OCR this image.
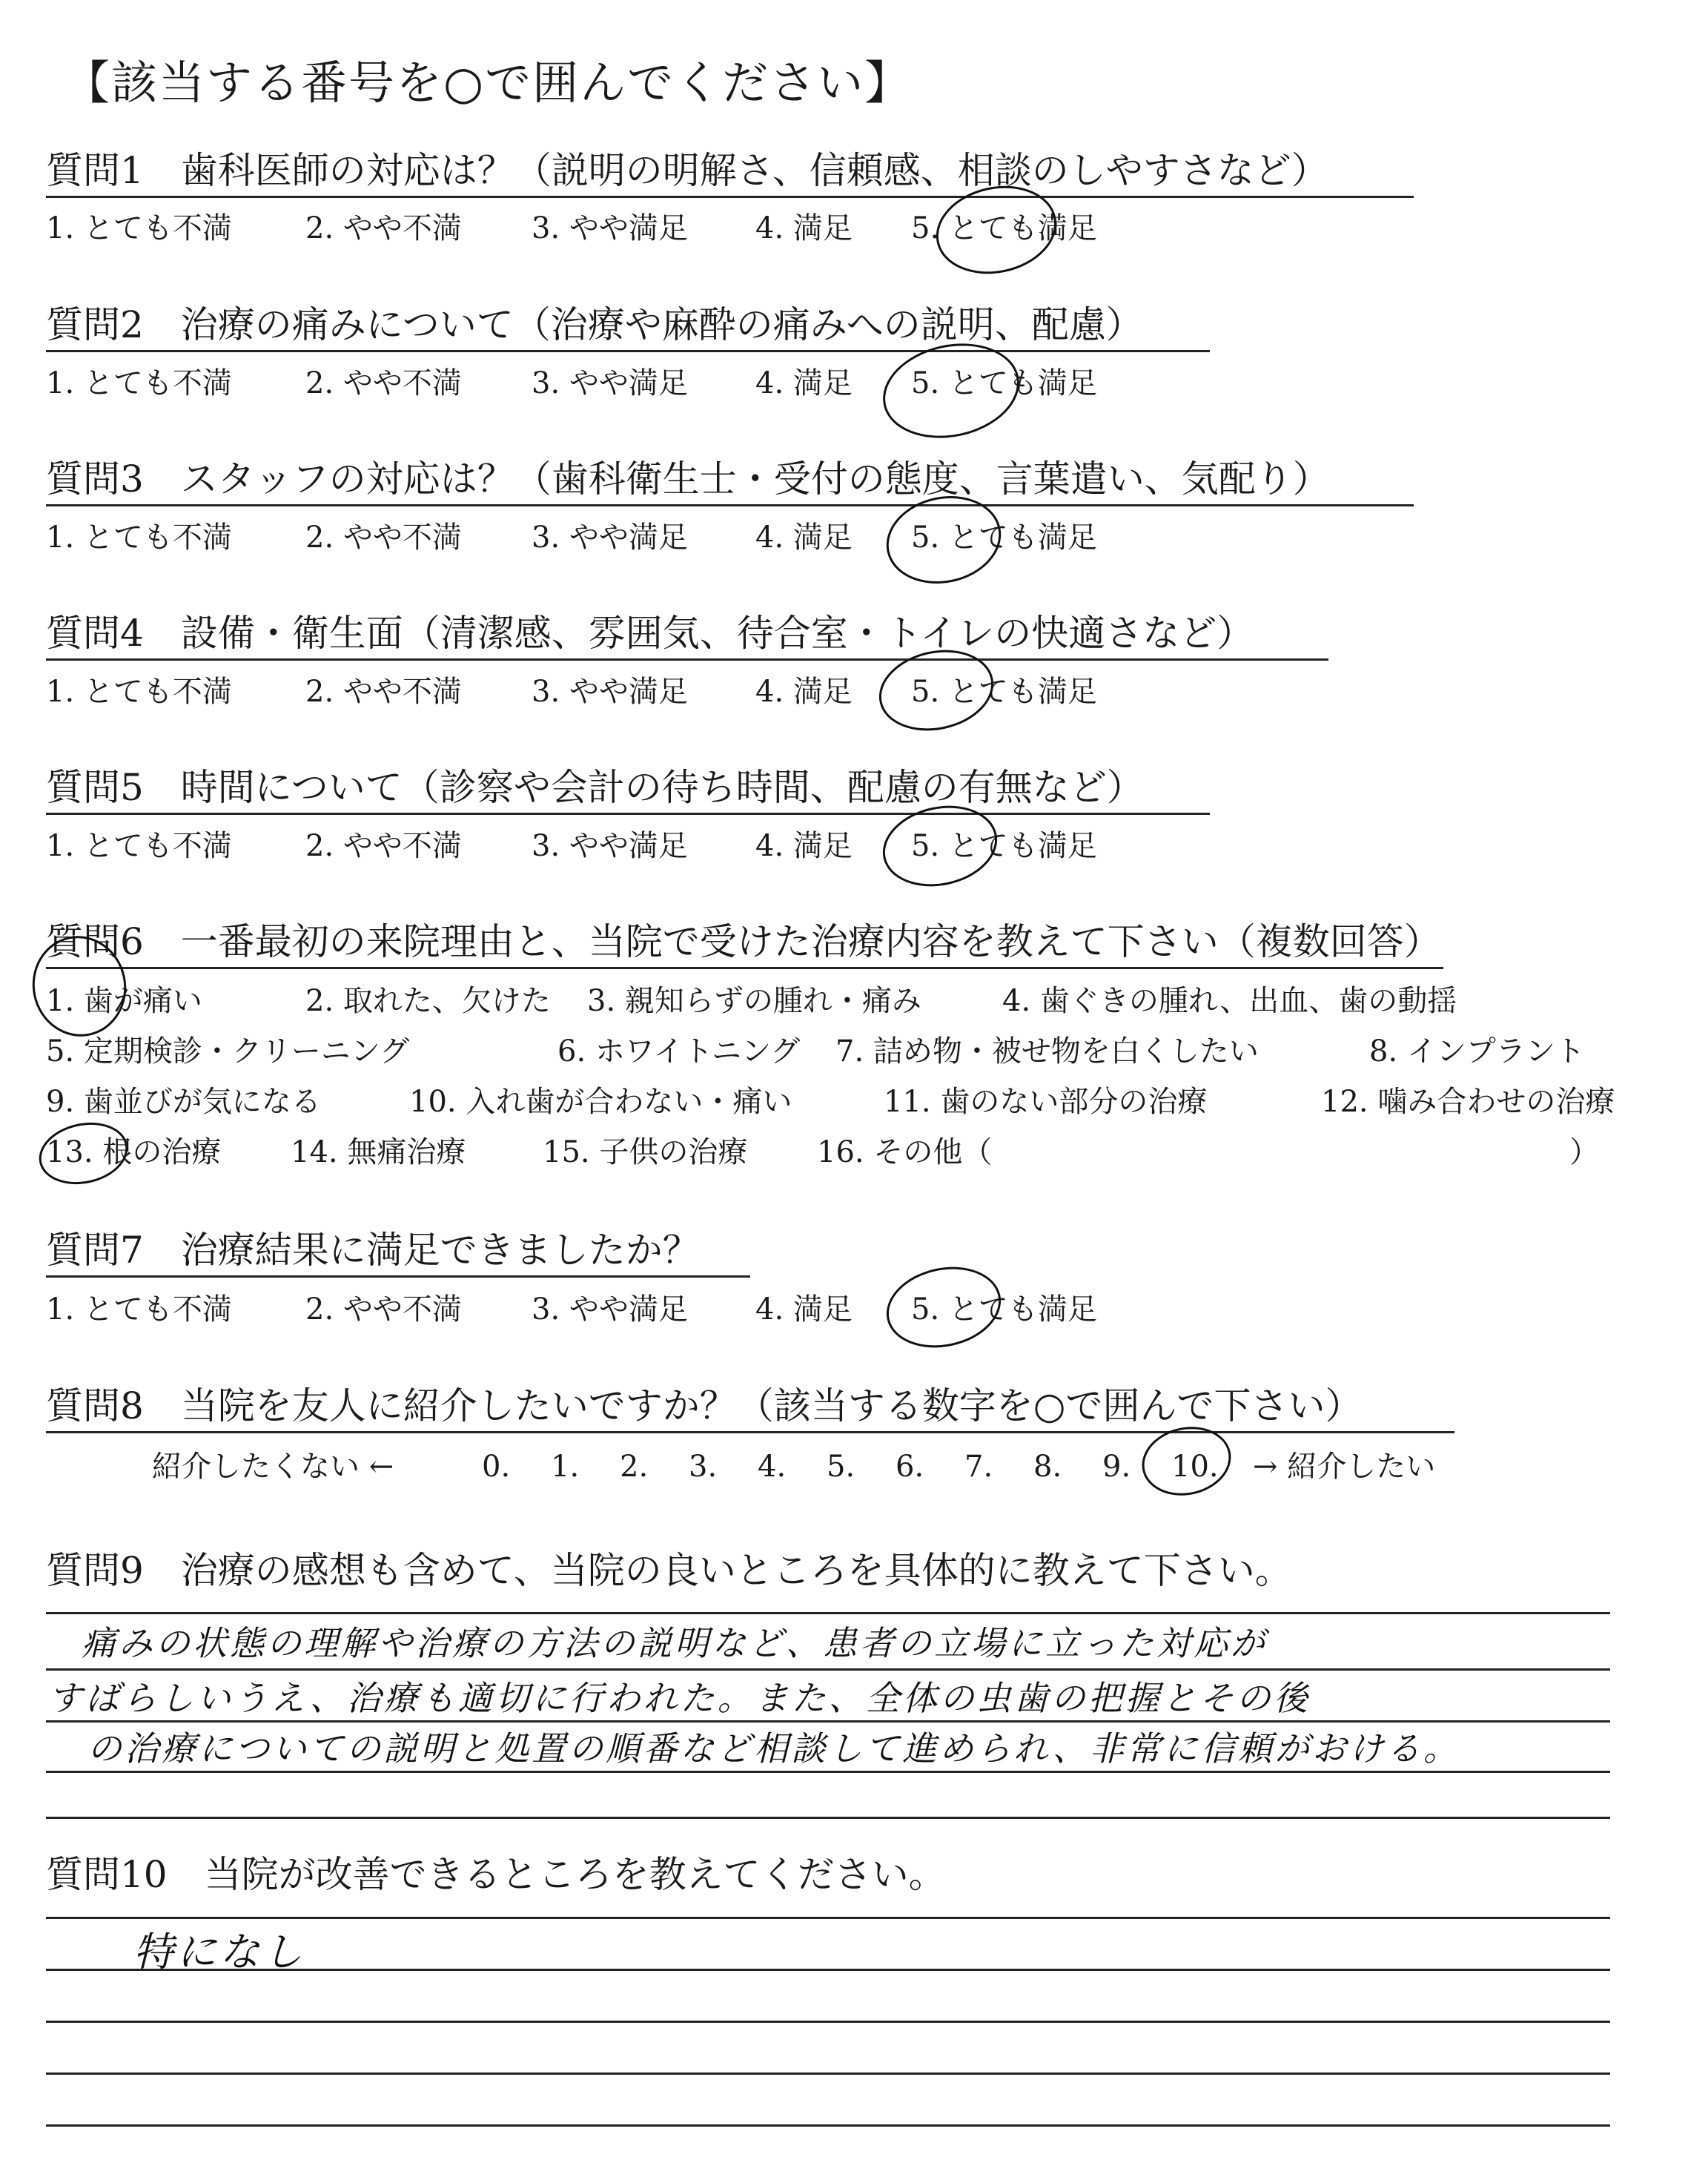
【該当する番号を○で囲んでください】
質問1　歯科医師の対応は？（説明の明解さ、信頼感、相談のしやすさなど）
1. とても不満 2. やや不満 3. やや満足 4. 満足 5. とても満足
質問2　治療の痛みについて（治療や麻酔の痛みへの説明、配慮）
1. とても不満 2. やや不満 3. やや満足 4. 満足 5. とても満足
質問3　スタッフの対応は？（歯科衛生士・受付の態度、言葉遣い、気配り）
1. とても不満 2. やや不満 3. やや満足 4. 満足 5. とても満足
質問4　設備・衛生面（清潔感、雰囲気、待合室・トイレの快適さなど）
1. とても不満 2. やや不満 3. やや満足 4. 満足 5. とても満足
質問5　時間について（診察や会計の待ち時間、配慮の有無など）
1. とても不満 2. やや不満 3. やや満足 4. 満足 5. とても満足
質問6　一番最初の来院理由と、当院で受けた治療内容を教えて下さい（複数回答）
1. 歯が痛い	2. 取れた、欠けた 3. 親知らずの腫れ・痛み	4. 歯ぐきの腫れ、出血、歯の動揺
5. 定期検診・クリーニング	6. ホワイトニング 7. 詰め物・被せ物を白くしたい	8. インプラント
9. 歯並びが気になる	10. 入れ歯が合わない・痛い	11. 歯のない部分の治療	12. 噛み合わせの治療
13. 根の治療 14. 無痛治療	15. 子供の治療 16. その他（	）
質問7　治療結果に満足できましたか？
1. とても不満 2. やや不満 3. やや満足 4. 満足 5. とても満足
質問8　当院を友人に紹介したいですか？（該当する数字を○で囲んで下さい）
紹介したくない ←	0. 1. 2. 3. 4. 5. 6. 7. 8. 9. 10. → 紹介したい
質問9　治療の感想も含めて、当院の良いところを具体的に教えて下さい。
痛みの状態の理解や治療の方法の説明など、患者の立場に立った対応が
すばらしいうえ、治療も適切に行われた。また、全体の虫歯の把握とその後
の治療についての説明と処置の順番など相談して進められ、非常に信頼がおける。
質問10　当院が改善できるところを教えてください。
特になし
